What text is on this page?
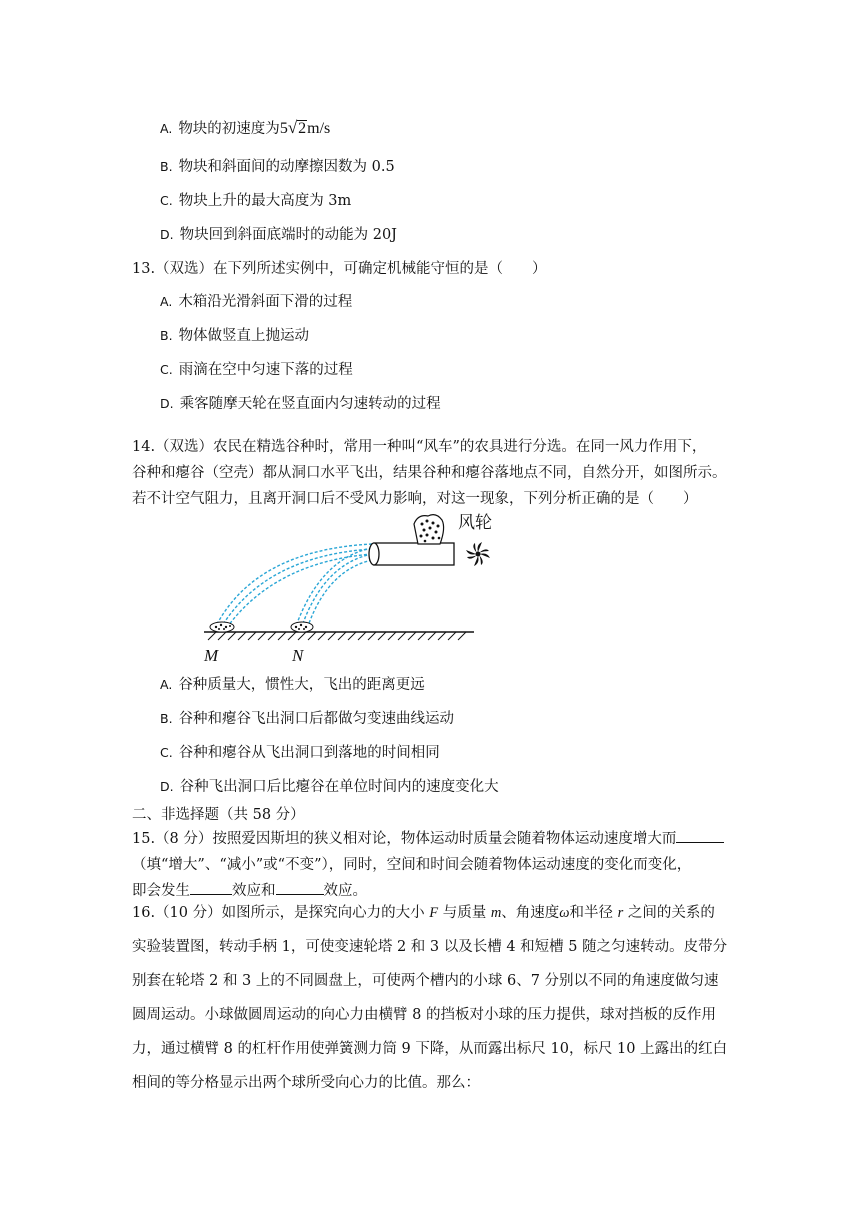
A. 物块的初速度为5√2m/s
B. 物块和斜面间的动摩擦因数为 0.5
C. 物块上升的最大高度为 3m
D. 物块回到斜面底端时的动能为 20J
13.（双选）在下列所述实例中，可确定机械能守恒的是（　　）
A. 木箱沿光滑斜面下滑的过程
B. 物体做竖直上抛运动
C. 雨滴在空中匀速下落的过程
D. 乘客随摩天轮在竖直面内匀速转动的过程
14.（双选）农民在精选谷种时，常用一种叫“风车”的农具进行分选。在同一风力作用下，
谷种和瘪谷（空壳）都从洞口水平飞出，结果谷种和瘪谷落地点不同，自然分开，如图所示。
若不计空气阻力，且离开洞口后不受风力影响，对这一现象，下列分析正确的是（　　）
风轮
M	N
A. 谷种质量大，惯性大，飞出的距离更远
B. 谷种和瘪谷飞出洞口后都做匀变速曲线运动
C. 谷种和瘪谷从飞出洞口到落地的时间相同
D. 谷种飞出洞口后比瘪谷在单位时间内的速度变化大
二、非选择题（共 58 分）
15.（8 分）按照爱因斯坦的狭义相对论，物体运动时质量会随着物体运动速度增大而
（填“增大”、“减小”或“不变”），同时，空间和时间会随着物体运动速度的变化而变化，
即会发生	效应和	效应。
16.（10 分）如图所示，是探究向心力的大小 F 与质量 m、角速度ω和半径 r 之间的关系的
实验装置图，转动手柄 1，可使变速轮塔 2 和 3 以及长槽 4 和短槽 5 随之匀速转动。皮带分
别套在轮塔 2 和 3 上的不同圆盘上，可使两个槽内的小球 6、7 分别以不同的角速度做匀速
圆周运动。小球做圆周运动的向心力由横臂 8 的挡板对小球的压力提供，球对挡板的反作用
力，通过横臂 8 的杠杆作用使弹簧测力筒 9 下降，从而露出标尺 10，标尺 10 上露出的红白
相间的等分格显示出两个球所受向心力的比值。那么：
